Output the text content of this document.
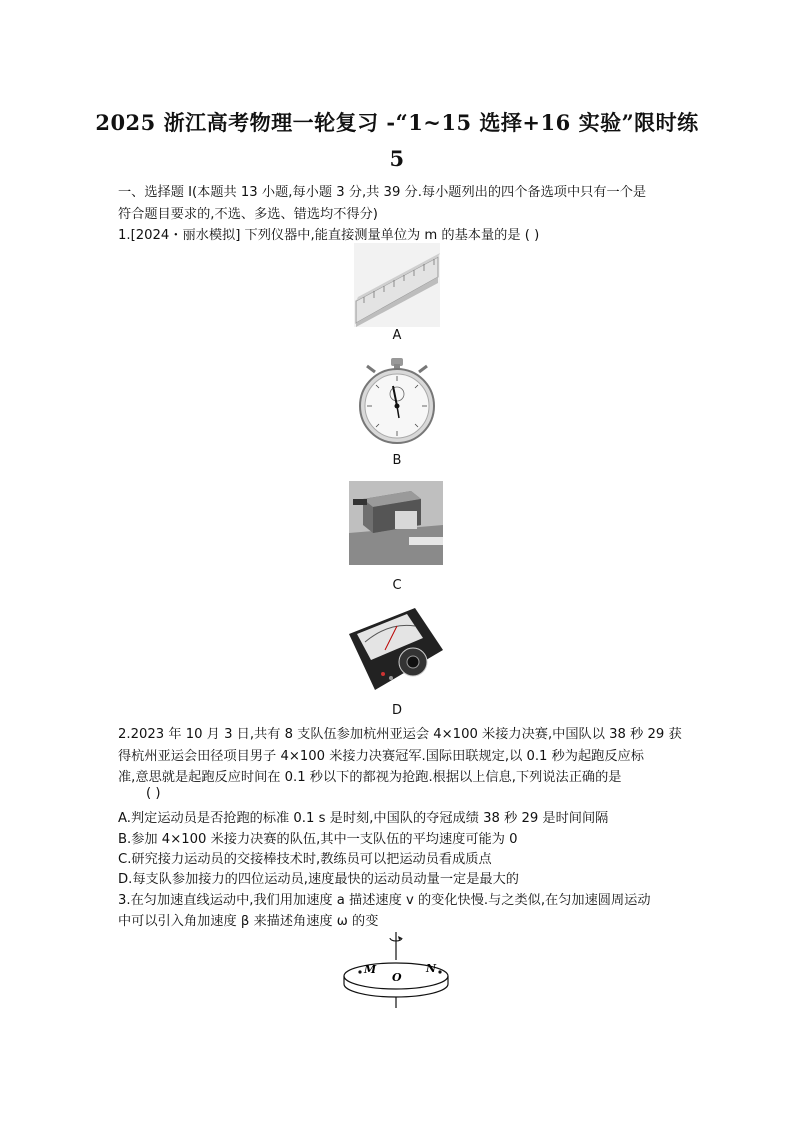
2025 浙江高考物理一轮复习 -“1~15 选择+16 实验”限时练
5
一、选择题 Ⅰ(本题共 13 小题,每小题 3 分,共 39 分.每小题列出的四个备选项中只有一个是
符合题目要求的,不选、多选、错选均不得分)
1.[2024・丽水模拟] 下列仪器中,能直接测量单位为 m 的基本量的是 ( )
A
B
C
D
2.2023 年 10 月 3 日,共有 8 支队伍参加杭州亚运会 4×100 米接力决赛,中国队以 38 秒 29 获
得杭州亚运会田径项目男子 4×100 米接力决赛冠军.国际田联规定,以 0.1 秒为起跑反应标
准,意思就是起跑反应时间在 0.1 秒以下的都视为抢跑.根据以上信息,下列说法正确的是
( )
A.判定运动员是否抢跑的标准 0.1 s 是时刻,中国队的夺冠成绩 38 秒 29 是时间间隔
B.参加 4×100 米接力决赛的队伍,其中一支队伍的平均速度可能为 0
C.研究接力运动员的交接棒技术时,教练员可以把运动员看成质点
D.每支队参加接力的四位运动员,速度最快的运动员动量一定是最大的
3.在匀加速直线运动中,我们用加速度 a 描述速度 v 的变化快慢.与之类似,在匀加速圆周运动
中可以引入角加速度 β 来描述角速度 ω 的变
M
O
N
